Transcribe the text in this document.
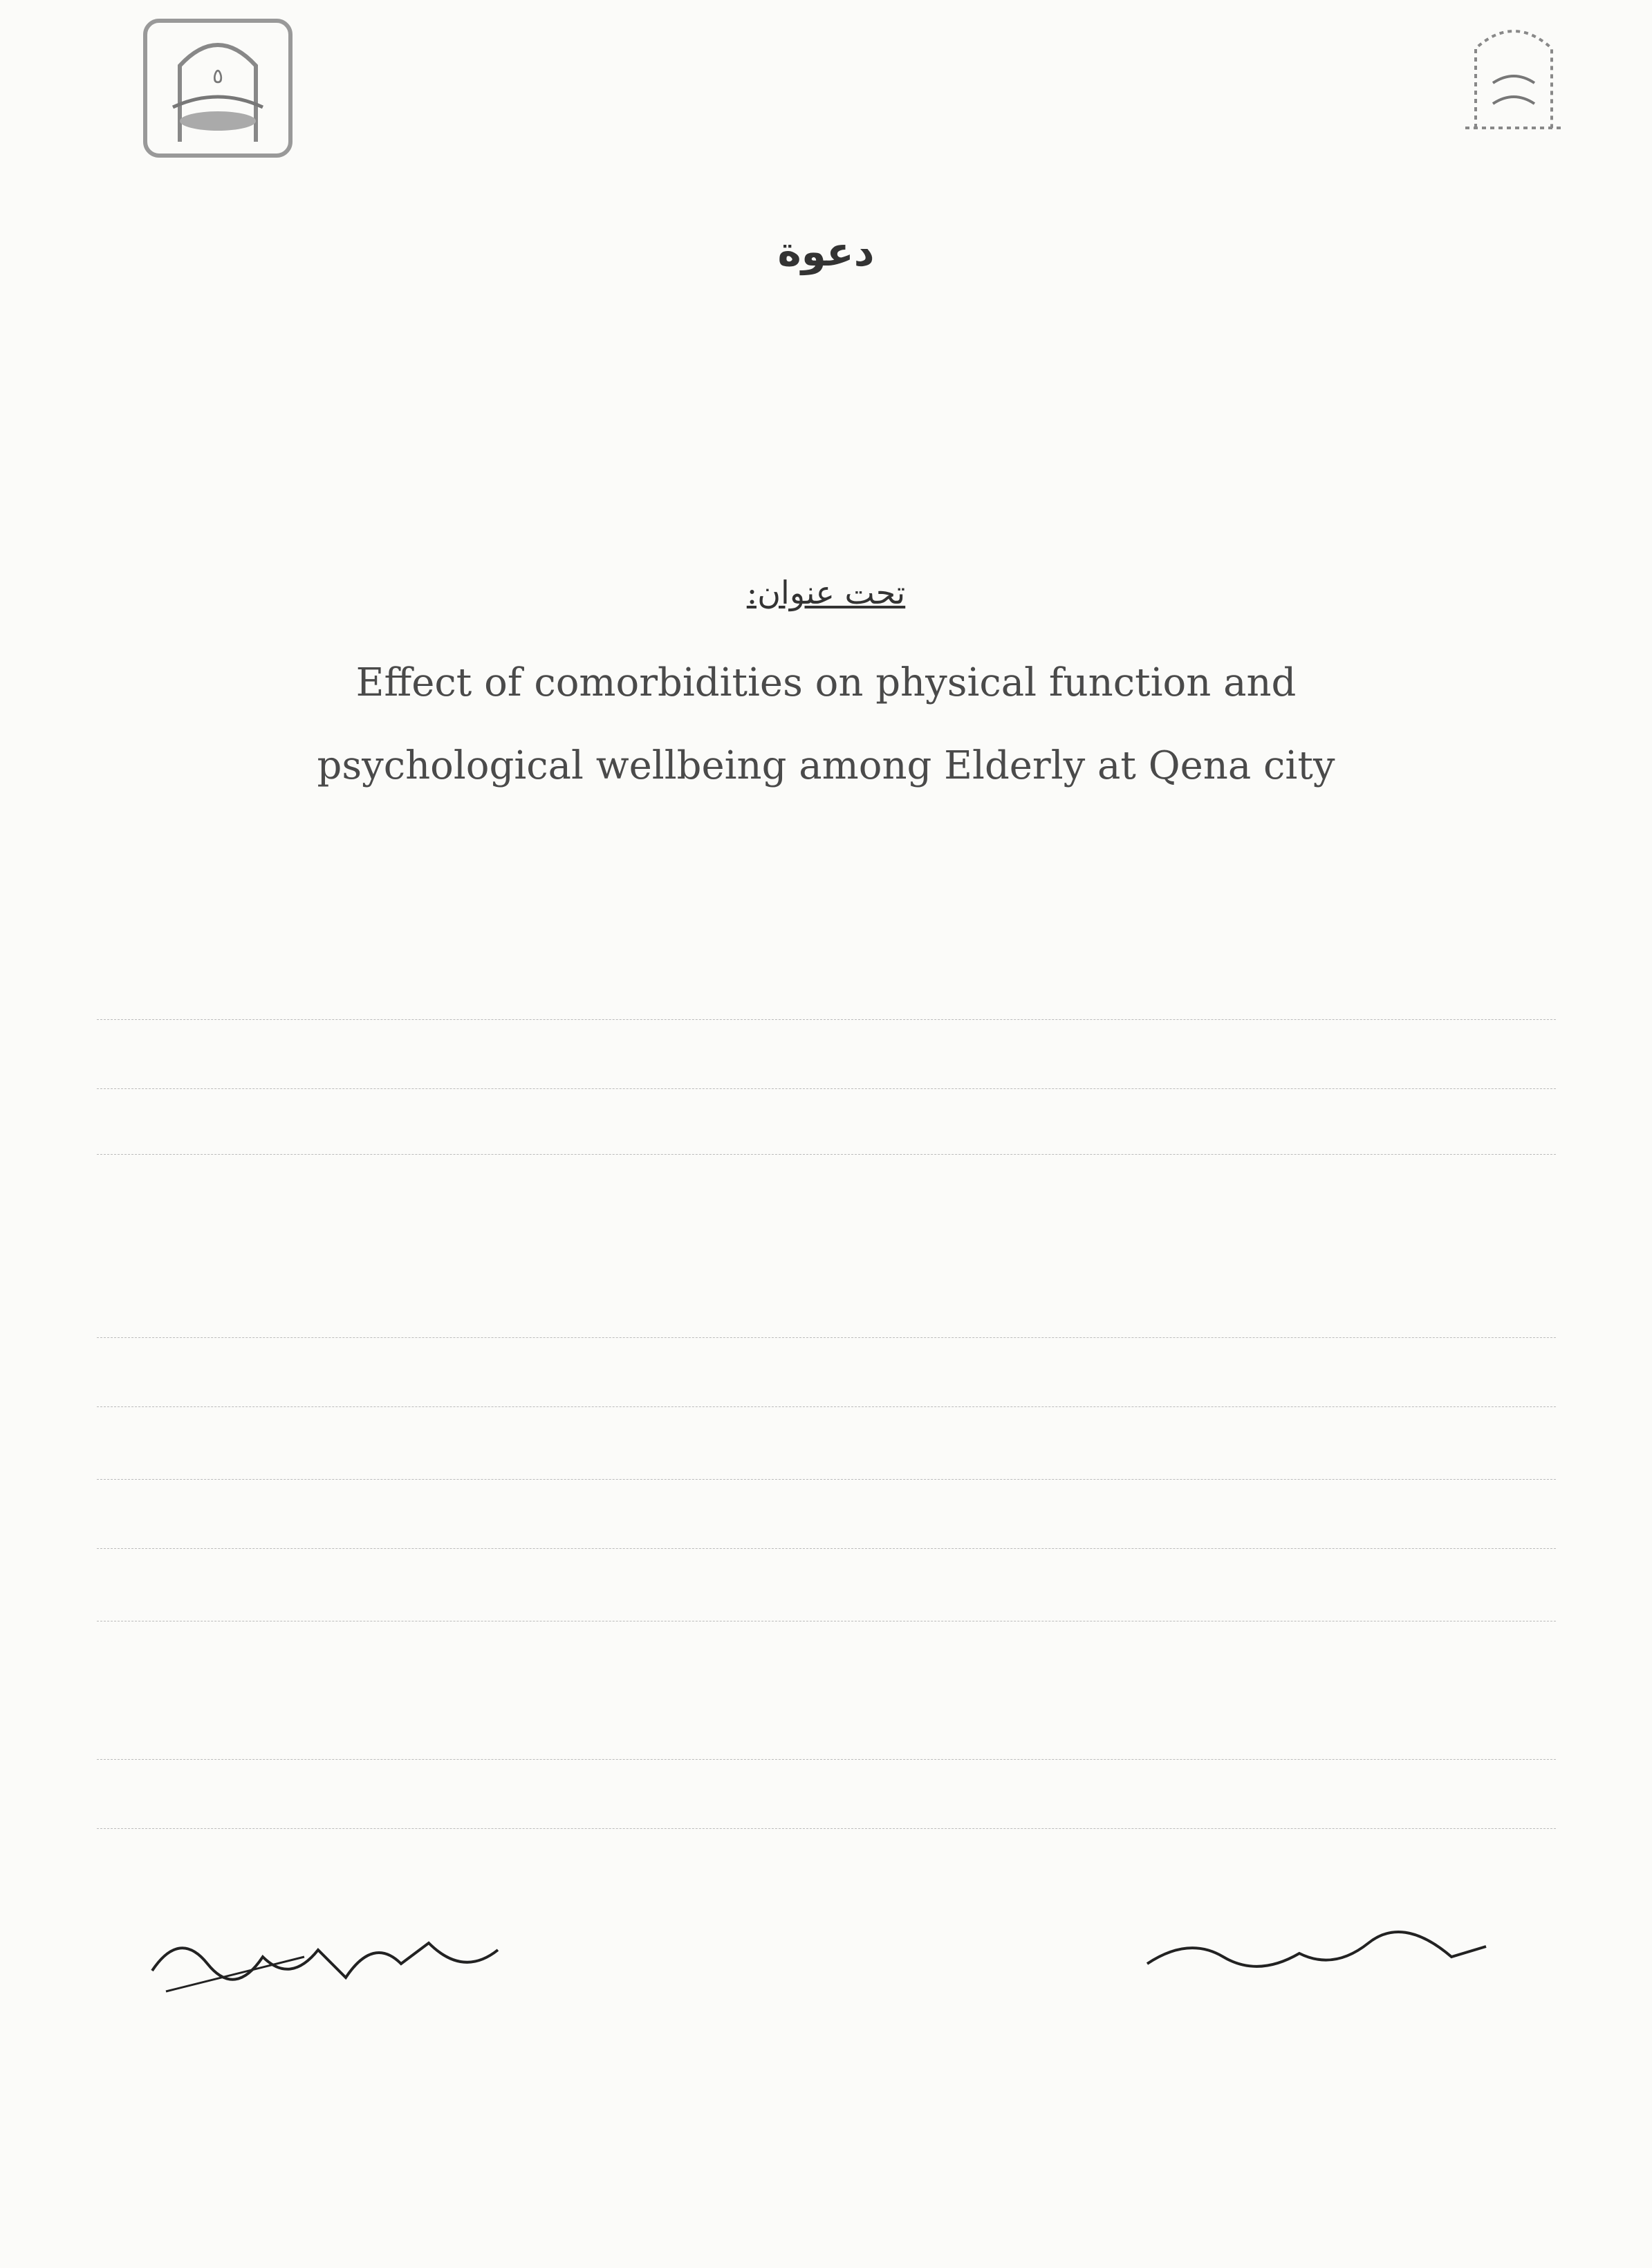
٥
دعوة
تحت عنوان:
Effect of comorbidities on physical function and
psychological wellbeing among Elderly at Qena city
